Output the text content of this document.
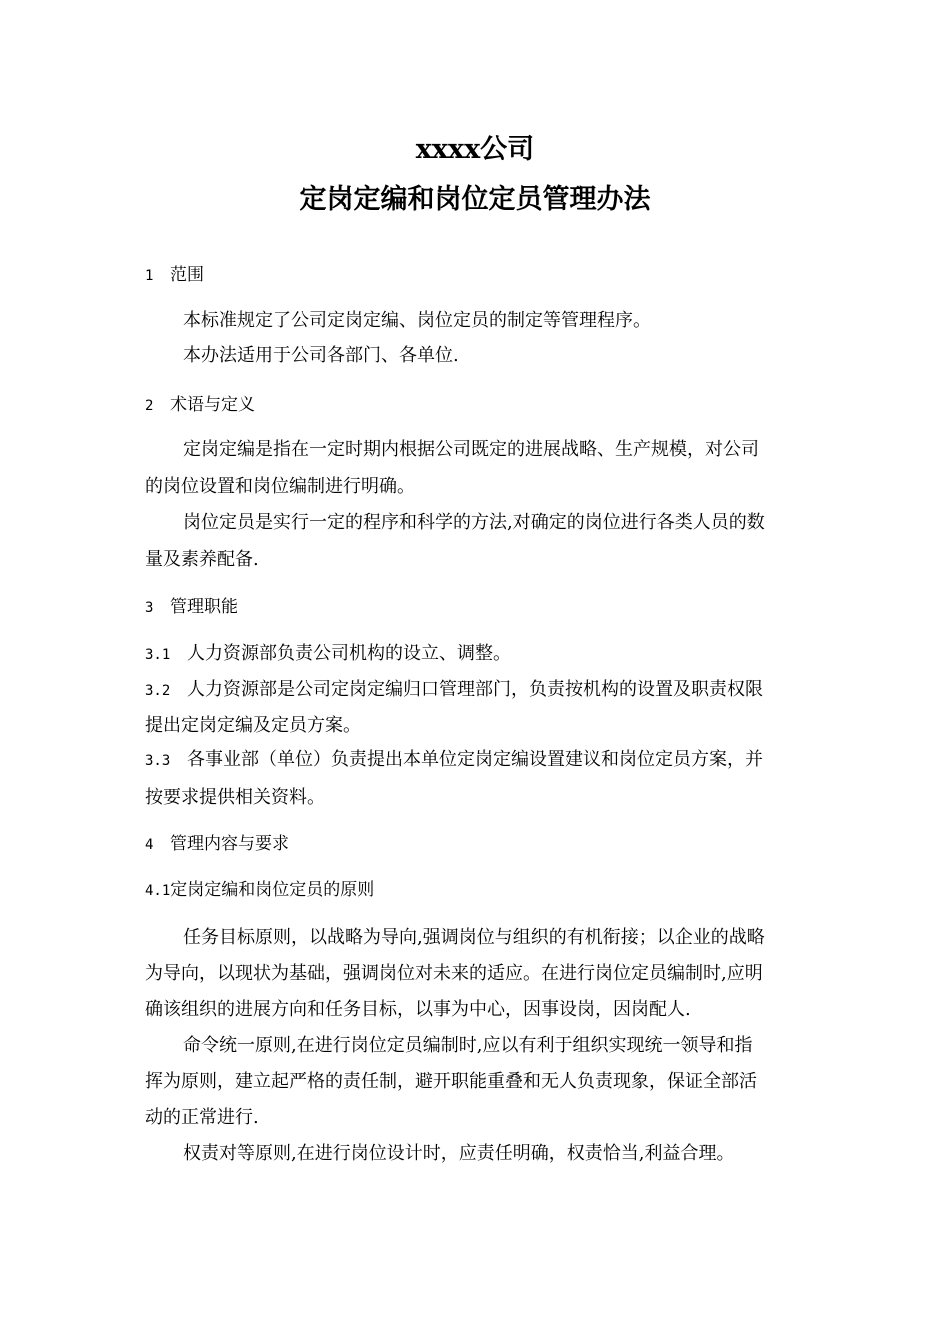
xxxx公司
定岗定编和岗位定员管理办法
1 范围
本标准规定了公司定岗定编、岗位定员的制定等管理程序。
本办法适用于公司各部门、各单位.
2 术语与定义
定岗定编是指在一定时期内根据公司既定的进展战略、生产规模，对公司
的岗位设置和岗位编制进行明确。
岗位定员是实行一定的程序和科学的方法,对确定的岗位进行各类人员的数
量及素养配备.
3 管理职能
3.1 人力资源部负责公司机构的设立、调整。
3.2 人力资源部是公司定岗定编归口管理部门，负责按机构的设置及职责权限
提出定岗定编及定员方案。
3.3 各事业部（单位）负责提出本单位定岗定编设置建议和岗位定员方案，并
按要求提供相关资料。
4 管理内容与要求
4.1定岗定编和岗位定员的原则
任务目标原则，以战略为导向,强调岗位与组织的有机衔接；以企业的战略
为导向，以现状为基础，强调岗位对未来的适应。在进行岗位定员编制时,应明
确该组织的进展方向和任务目标，以事为中心，因事设岗，因岗配人.
命令统一原则,在进行岗位定员编制时,应以有利于组织实现统一领导和指
挥为原则，建立起严格的责任制，避开职能重叠和无人负责现象，保证全部活
动的正常进行.
权责对等原则,在进行岗位设计时，应责任明确，权责恰当,利益合理。
